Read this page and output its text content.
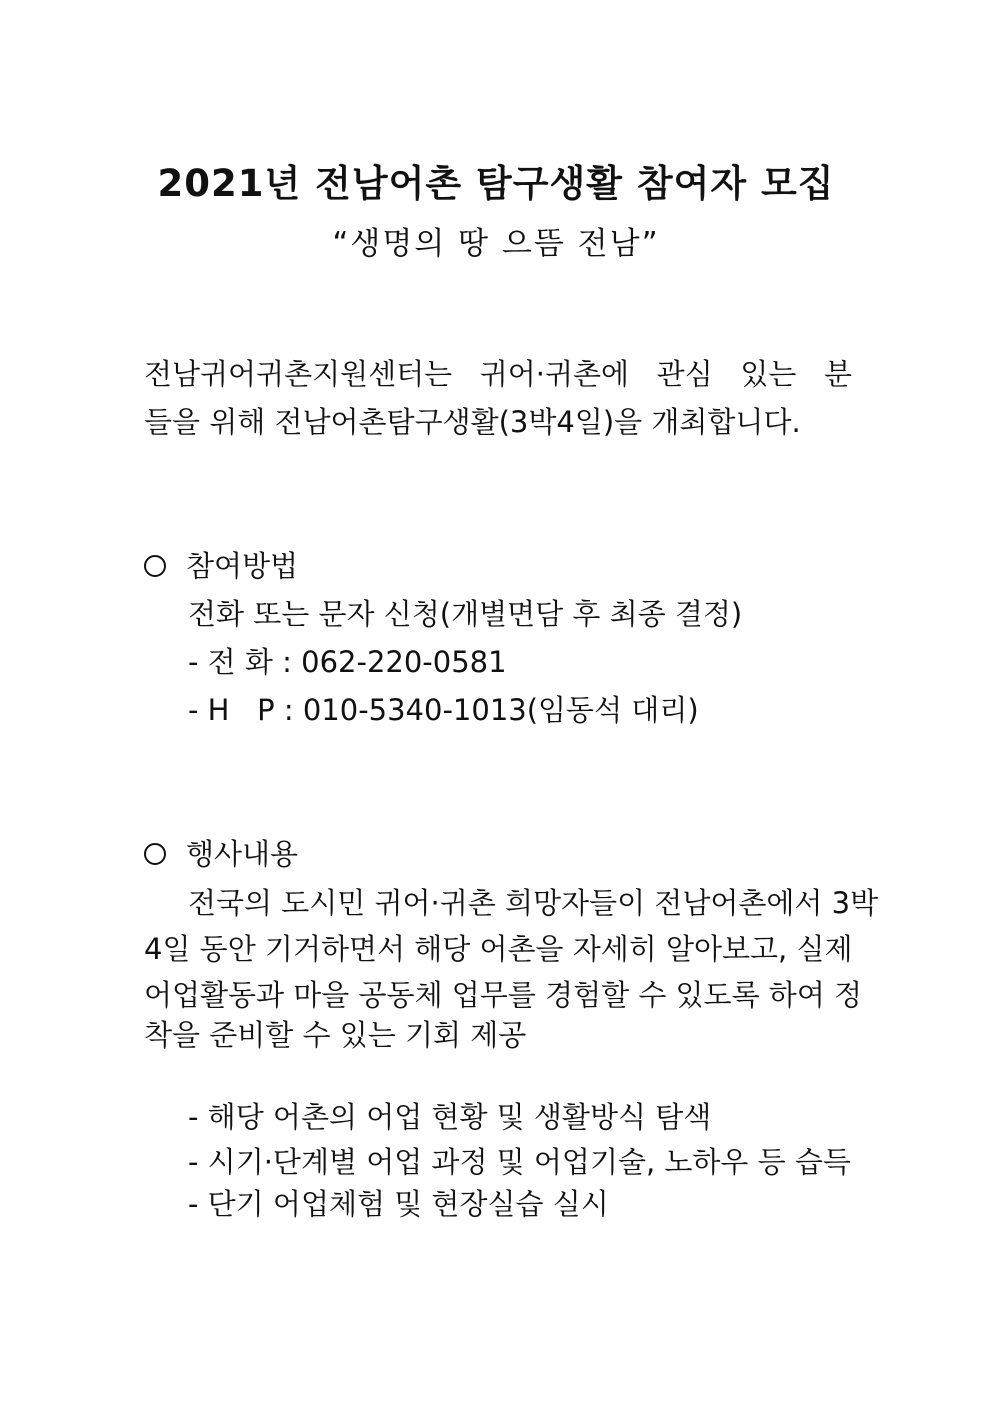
2021년 전남어촌 탐구생활 참여자 모집
“생명의 땅 으뜸 전남”
전남귀어귀촌지원센터는 귀어·귀촌에 관심 있는 분
들을 위해 전남어촌탐구생활(3박4일)을 개최합니다.
참여방법
전화 또는 문자 신청(개별면담 후 최종 결정)
- 전 화 : 062-220-0581
- H   P : 010-5340-1013(임동석 대리)
행사내용
전국의 도시민 귀어·귀촌 희망자들이 전남어촌에서 3박
4일 동안 기거하면서 해당 어촌을 자세히 알아보고, 실제
어업활동과 마을 공동체 업무를 경험할 수 있도록 하여 정
착을 준비할 수 있는 기회 제공
- 해당 어촌의 어업 현황 및 생활방식 탐색
- 시기·단계별 어업 과정 및 어업기술, 노하우 등 습득
- 단기 어업체험 및 현장실습 실시
